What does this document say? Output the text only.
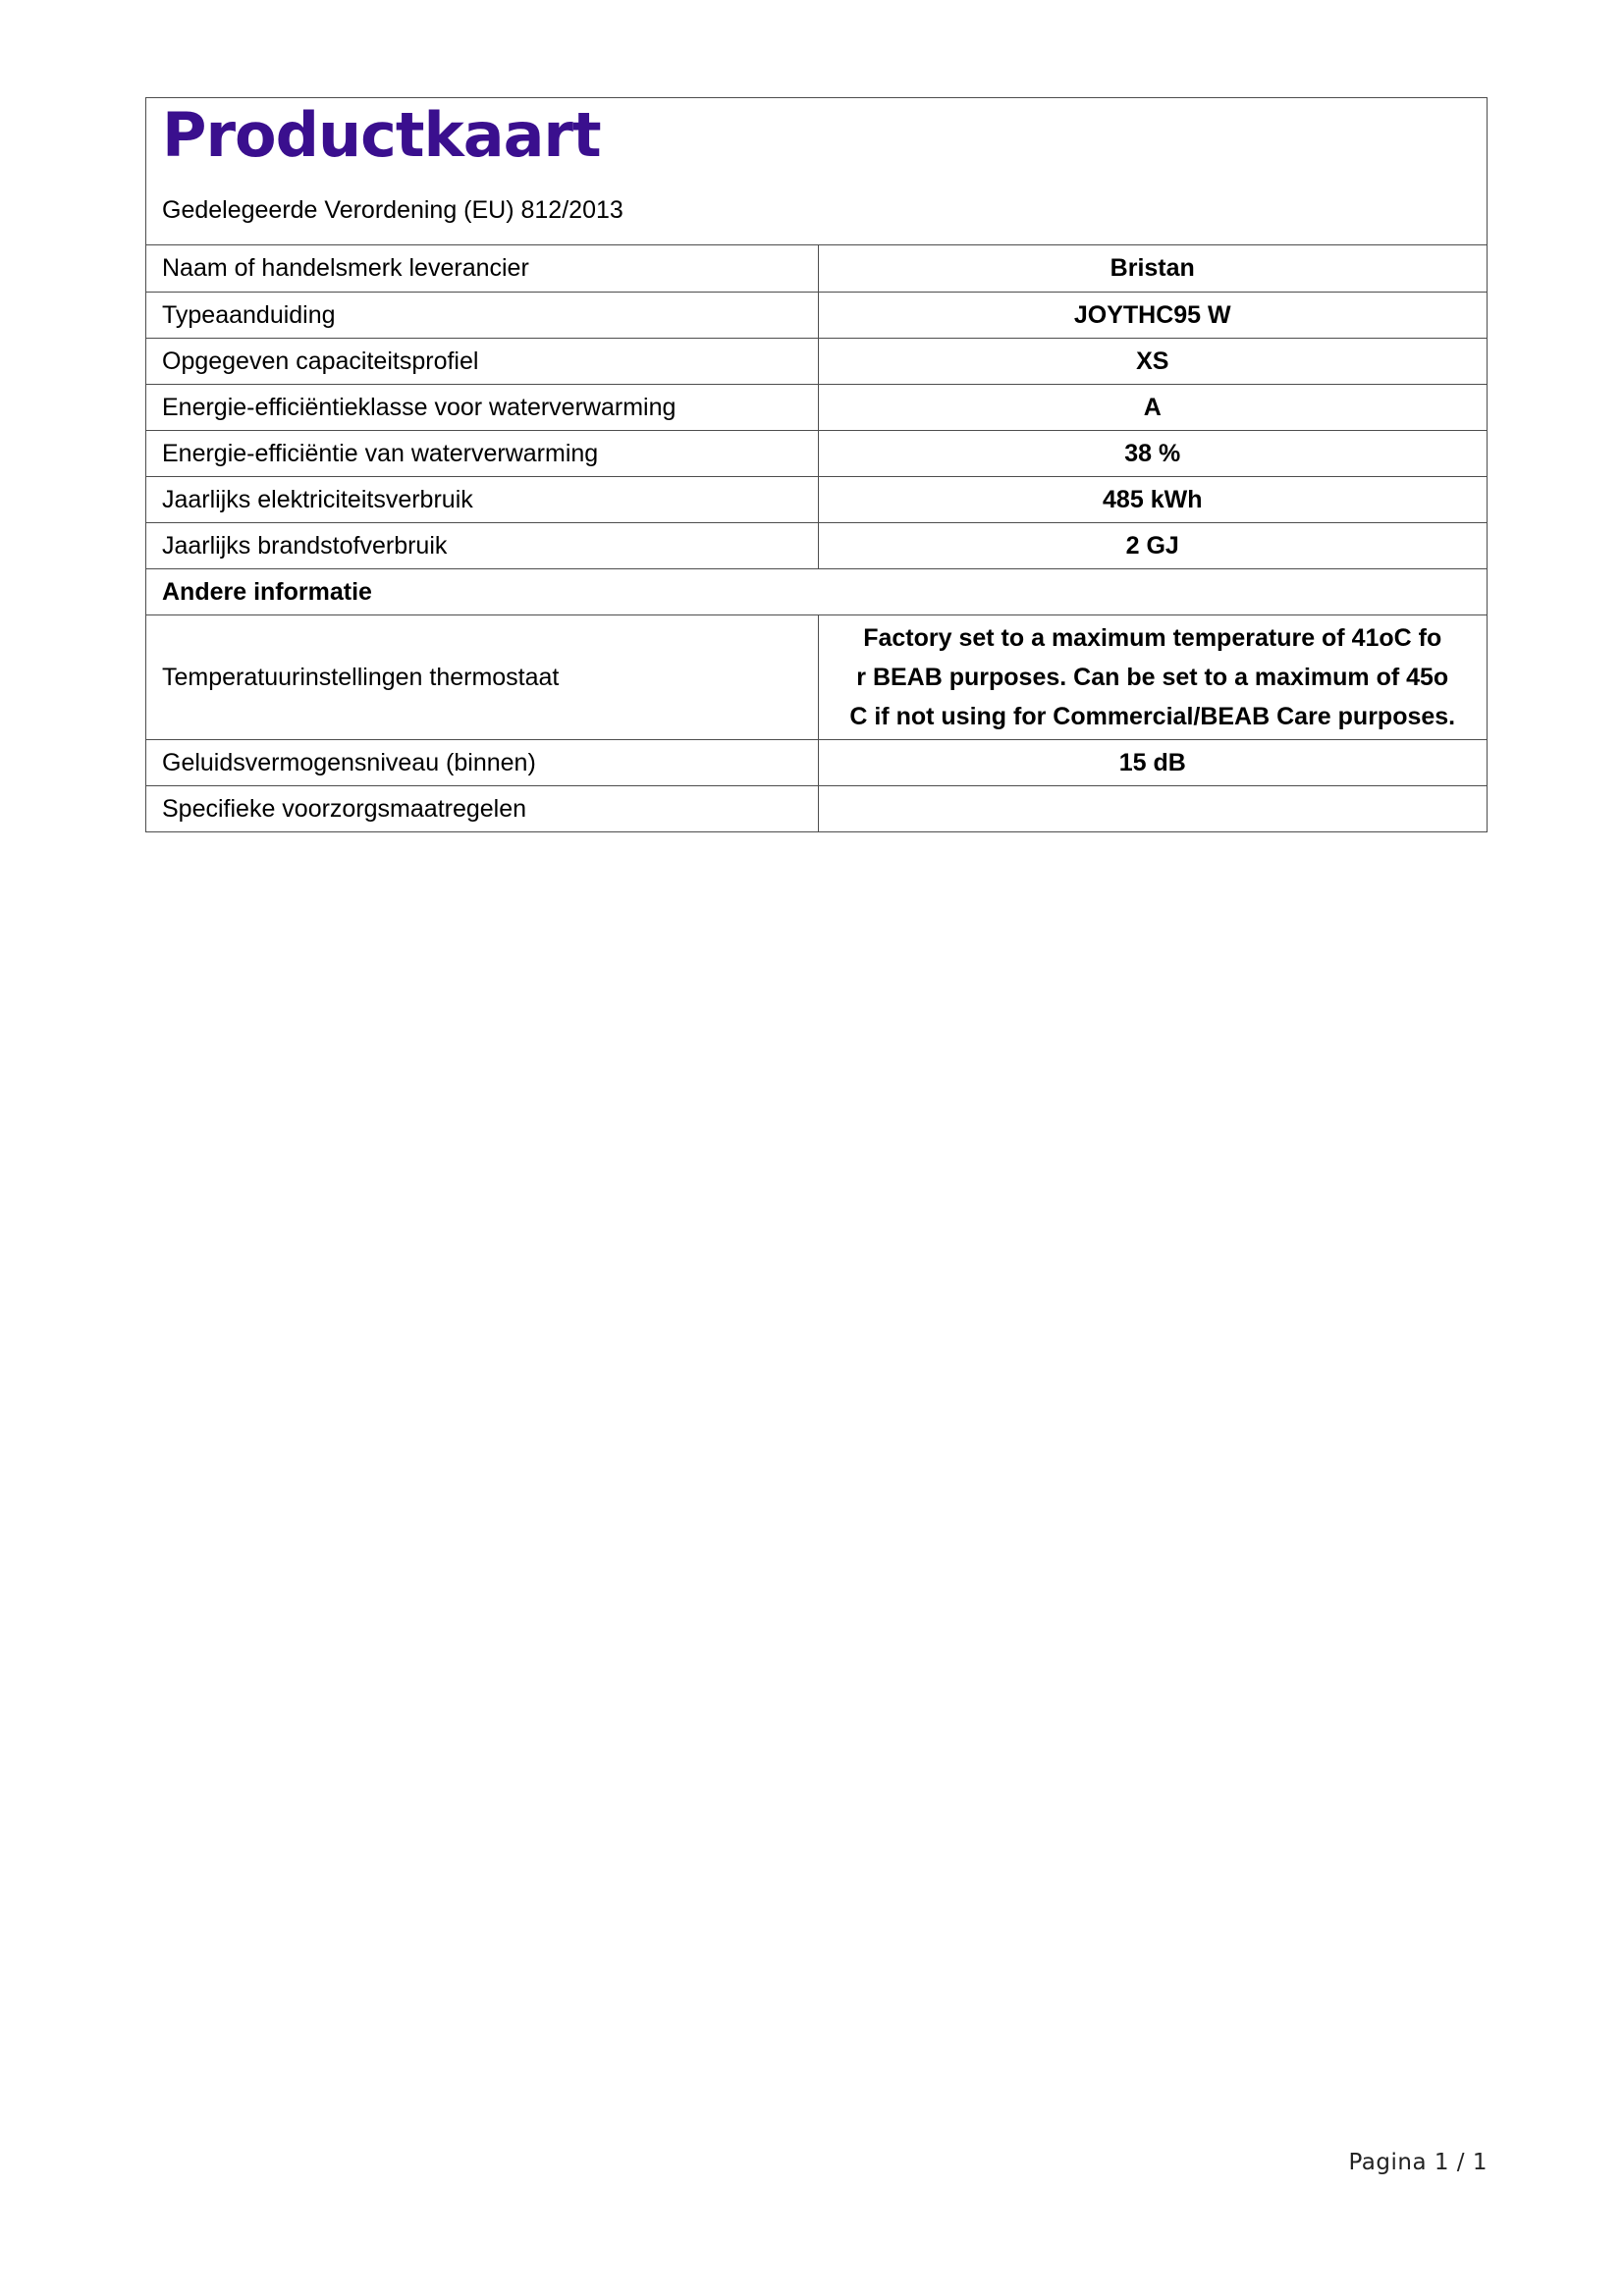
Productkaart
Gedelegeerde Verordening (EU) 812/2013
Naam of handelsmerk leverancier	Bristan
Typeaanduiding	JOYTHC95 W
Opgegeven capaciteitsprofiel	XS
Energie-efficiëntieklasse voor waterverwarming	A
Energie-efficiëntie van waterverwarming	38 %
Jaarlijks elektriciteitsverbruik	485 kWh
Jaarlijks brandstofverbruik	2 GJ
Andere informatie	
Temperatuurinstellingen thermostaat	Factory set to a maximum temperature of 41oC fo
r BEAB purposes. Can be set to a maximum of 45o
C if not using for Commercial/BEAB Care purposes.
Geluidsvermogensniveau (binnen)	15 dB
Specifieke voorzorgsmaatregelen	
Pagina 1 / 1
